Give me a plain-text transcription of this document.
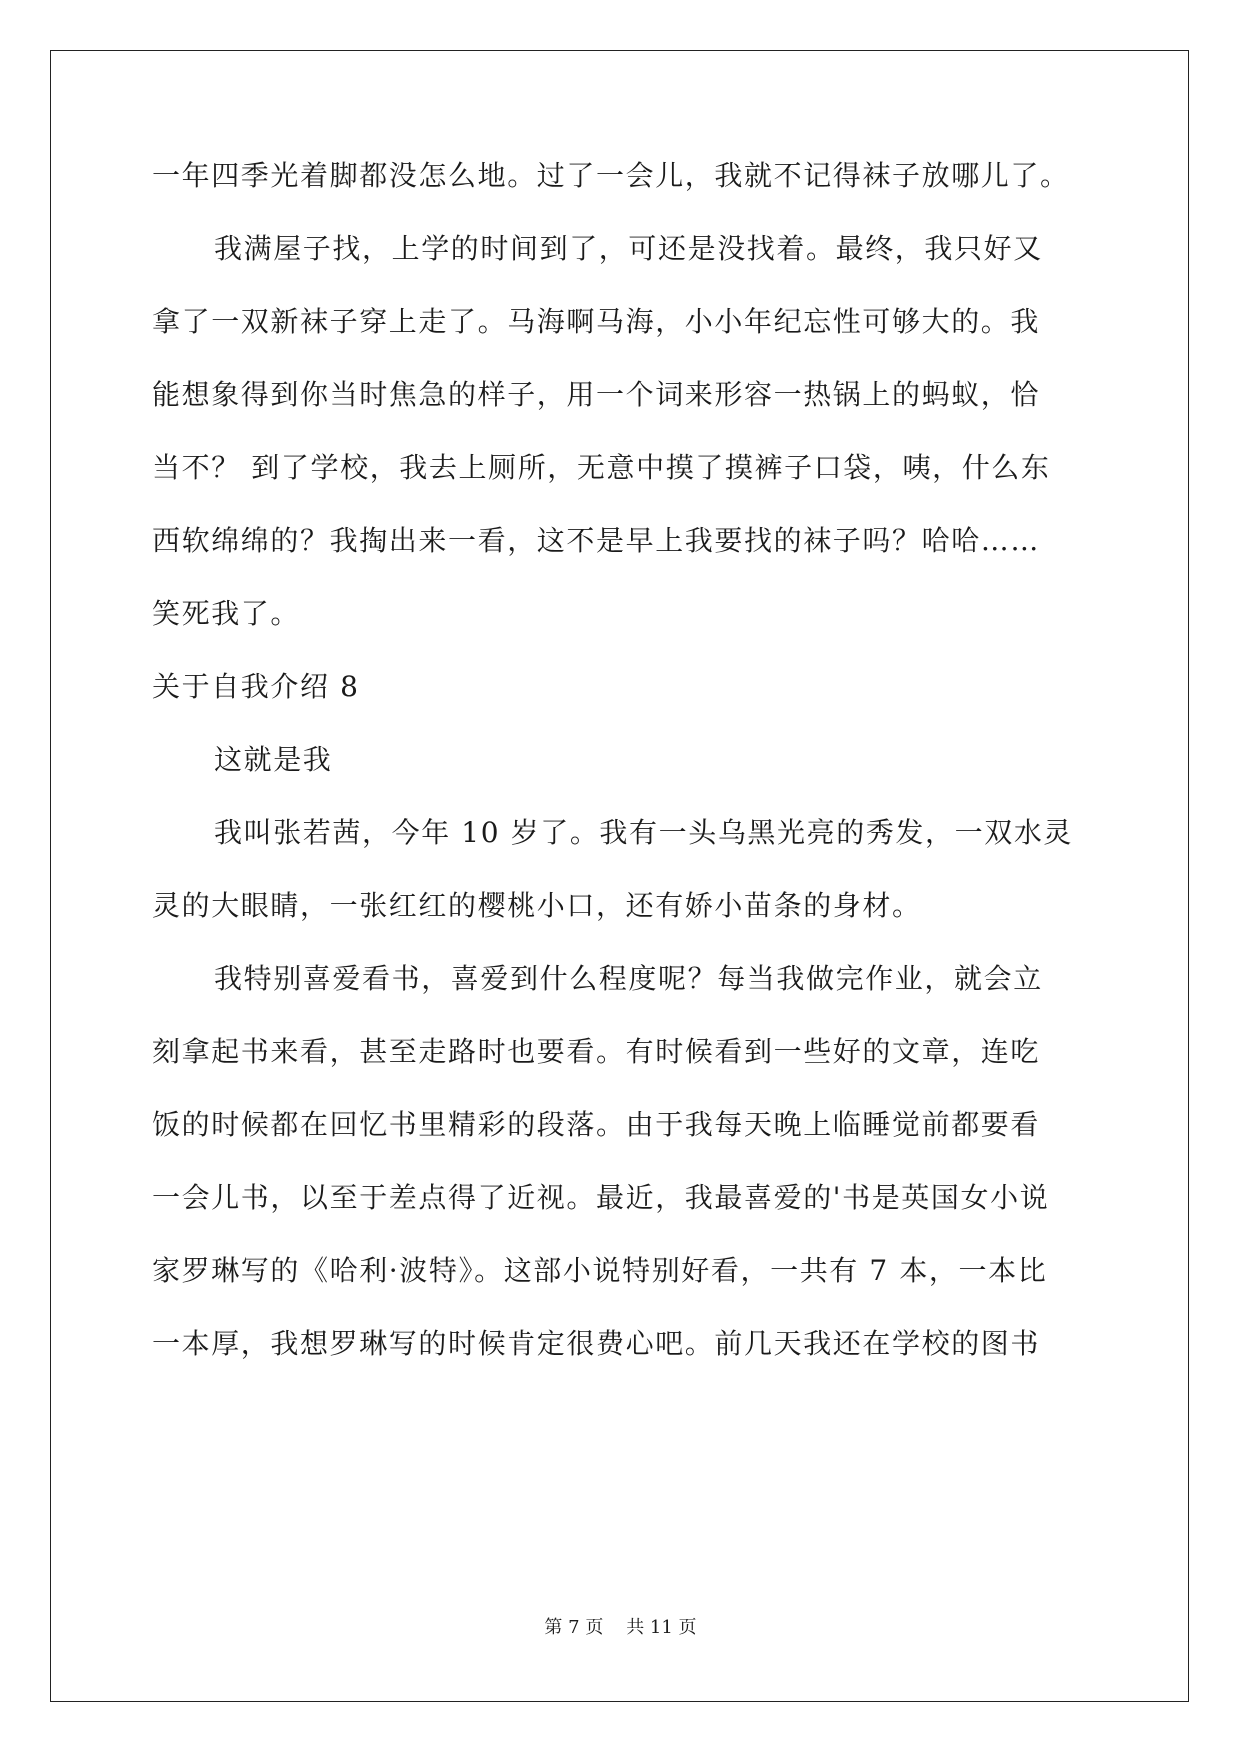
一年四季光着脚都没怎么地。过了一会儿，我就不记得袜子放哪儿了。
我满屋子找，上学的时间到了，可还是没找着。最终，我只好又
拿了一双新袜子穿上走了。马海啊马海，小小年纪忘性可够大的。我
能想象得到你当时焦急的样子，用一个词来形容一热锅上的蚂蚁，恰
当不？ 到了学校，我去上厕所，无意中摸了摸裤子口袋，咦，什么东
西软绵绵的？我掏出来一看，这不是早上我要找的袜子吗？哈哈……
笑死我了。
关于自我介绍 8
这就是我
我叫张若茜，今年 10 岁了。我有一头乌黑光亮的秀发，一双水灵
灵的大眼睛，一张红红的樱桃小口，还有娇小苗条的身材。
我特别喜爱看书，喜爱到什么程度呢？每当我做完作业，就会立
刻拿起书来看，甚至走路时也要看。有时候看到一些好的文章，连吃
饭的时候都在回忆书里精彩的段落。由于我每天晚上临睡觉前都要看
一会儿书，以至于差点得了近视。最近，我最喜爱的'书是英国女小说
家罗琳写的《哈利·波特》。这部小说特别好看，一共有 7 本，一本比
一本厚，我想罗琳写的时候肯定很费心吧。前几天我还在学校的图书
第 7 页    共 11 页
